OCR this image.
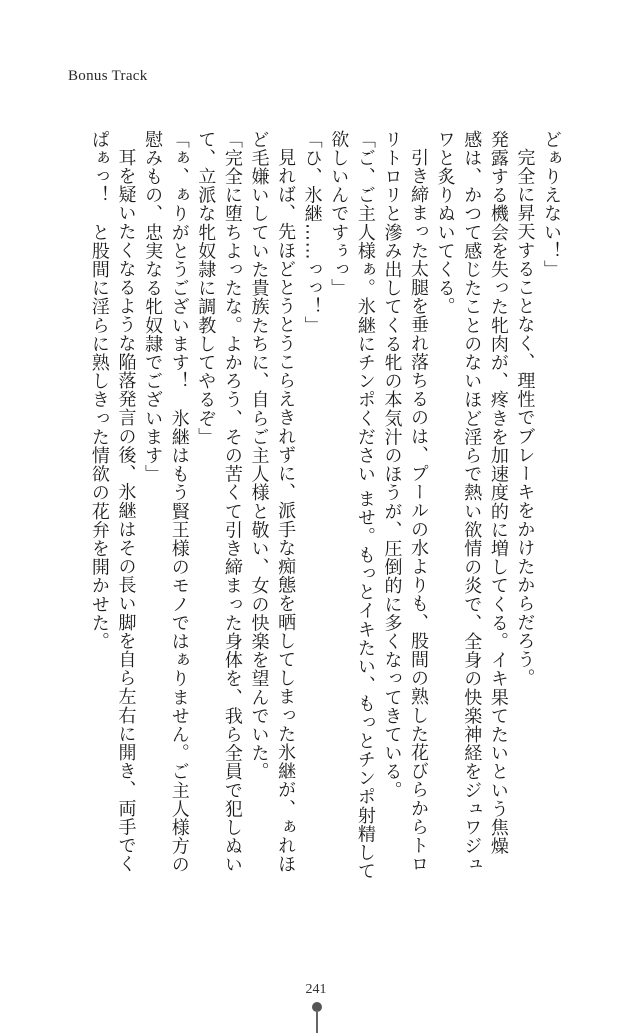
Bonus Track

どぁりえない！」

完全に昇天することなく、理性でブレーキをかけたからだろう。

発露する機会を失った牝肉が、疼きを加速度的に増してくる。イキ果てたいという焦燥

感は、かつて感じたことのないほど淫らで熱い欲情の炎で、全身の快楽神経をジュワジュ

ワと炙りぬいてくる。

引き締まった太腿を垂れ落ちるのは、プールの水よりも、股間の熟した花びらからトロ

リトロリと滲み出してくる牝の本気汁のほうが、圧倒的に多くなってきている。

「ご、ご主人様ぁ。氷継にチンポください ませ。もっとイキたい、もっとチンポ射精して

欲しいんですぅっ」

「ひ、氷継……っっ！」

見れば、先ほどとうとうこらえきれずに、派手な痴態を晒してしまった氷継が、ぁれほ

ど毛嫌いしていた貴族たちに、自らご主人様と敬い、女の快楽を望んでいた。

「完全に堕ちよったな。よかろう、その苦くて引き締まった身体を、我ら全員で犯しぬい

て、立派な牝奴隷に調教してやるぞ」

「ぁ、ぁりがとうございます！　氷継はもう賢王様のモノではぁりません。ご主人様方の

慰みもの、忠実なる牝奴隷でございます」

耳を疑いたくなるような陥落発言の後、氷継はその長い脚を自ら左右に開き、両手でく

ぱぁっ！　と股間に淫らに熟しきった情欲の花弁を開かせた。

241
